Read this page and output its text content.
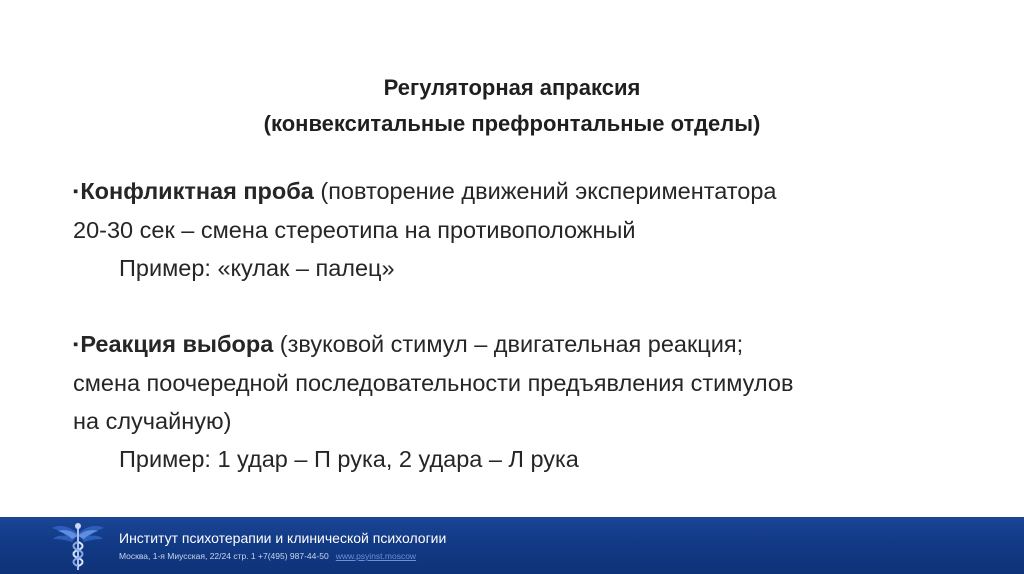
Регуляторная апраксия
(конвекситальные префронтальные отделы)

▪Конфликтная проба (повторение движений экспериментатора
20-30 сек – смена стереотипа на противоположный
Пример: «кулак – палец»

▪Реакция выбора (звуковой стимул – двигательная реакция;
смена поочередной последовательности предъявления стимулов
на случайную)
Пример: 1 удар – П рука, 2 удара – Л рука

Институт психотерапии и клинической психологии
Москва, 1-я Миусская, 22/24 стр. 1 +7(495) 987-44-50 www.psyinst.moscow
